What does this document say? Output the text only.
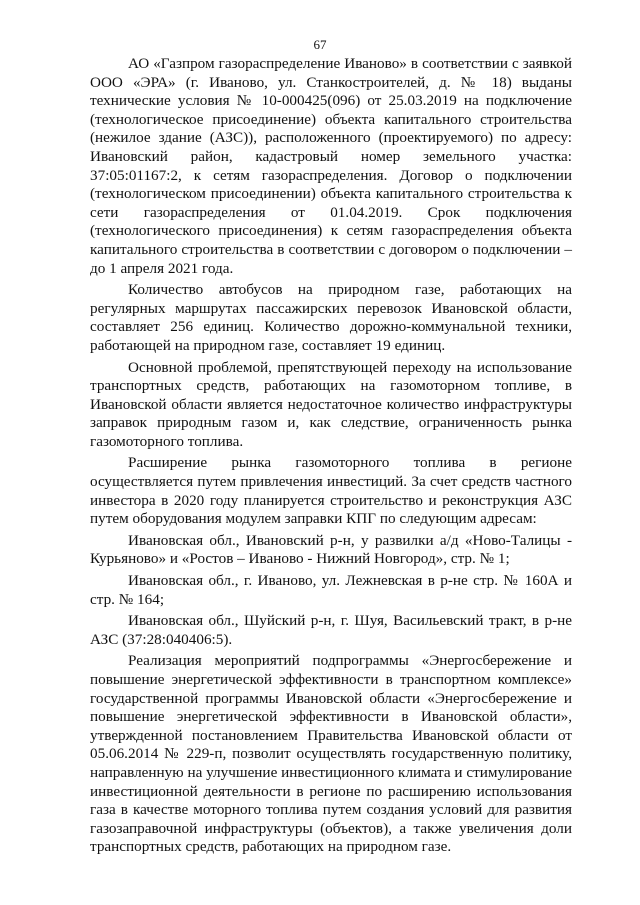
67

АО «Газпром газораспределение Иваново» в соответствии с заявкой ООО «ЭРА» (г. Иваново, ул. Станкостроителей, д. № 18) выданы технические условия № 10-000425(096) от 25.03.2019 на подключение (технологическое присоединение) объекта капитального строительства (нежилое здание (АЗС)), расположенного (проектируемого) по адресу: Ивановский район, кадастровый номер земельного участка: 37:05:01167:2, к сетям газораспределения. Договор о подключении (технологическом присоединении) объекта капитального строительства к сети газораспределения от 01.04.2019. Срок подключения (технологического присоединения) к сетям газораспределения объекта капитального строительства в соответствии с договором о подключении – до 1 апреля 2021 года.

Количество автобусов на природном газе, работающих на регулярных маршрутах пассажирских перевозок Ивановской области, составляет 256 единиц. Количество дорожно-коммунальной техники, работающей на природном газе, составляет 19 единиц.

Основной проблемой, препятствующей переходу на использование транспортных средств, работающих на газомоторном топливе, в Ивановской области является недостаточное количество инфраструктуры заправок природным газом и, как следствие, ограниченность рынка газомоторного топлива.

Расширение рынка газомоторного топлива в регионе осуществляется путем привлечения инвестиций. За счет средств частного инвестора в 2020 году планируется строительство и реконструкция АЗС путем оборудования модулем заправки КПГ по следующим адресам:

Ивановская обл., Ивановский р-н, у развилки а/д «Ново-Талицы - Курьяново» и «Ростов – Иваново - Нижний Новгород», стр. № 1;

Ивановская обл., г. Иваново, ул. Лежневская в р-не стр. № 160А и стр. № 164;

Ивановская обл., Шуйский р-н, г. Шуя, Васильевский тракт, в р-не АЗС (37:28:040406:5).

Реализация мероприятий подпрограммы «Энергосбережение и повышение энергетической эффективности в транспортном комплексе» государственной программы Ивановской области «Энергосбережение и повышение энергетической эффективности в Ивановской области», утвержденной постановлением Правительства Ивановской области от 05.06.2014 № 229-п, позволит осуществлять государственную политику, направленную на улучшение инвестиционного климата и стимулирование инвестиционной деятельности в регионе по расширению использования газа в качестве моторного топлива путем создания условий для развития газозаправочной инфраструктуры (объектов), а также увеличения доли транспортных средств, работающих на природном газе.
